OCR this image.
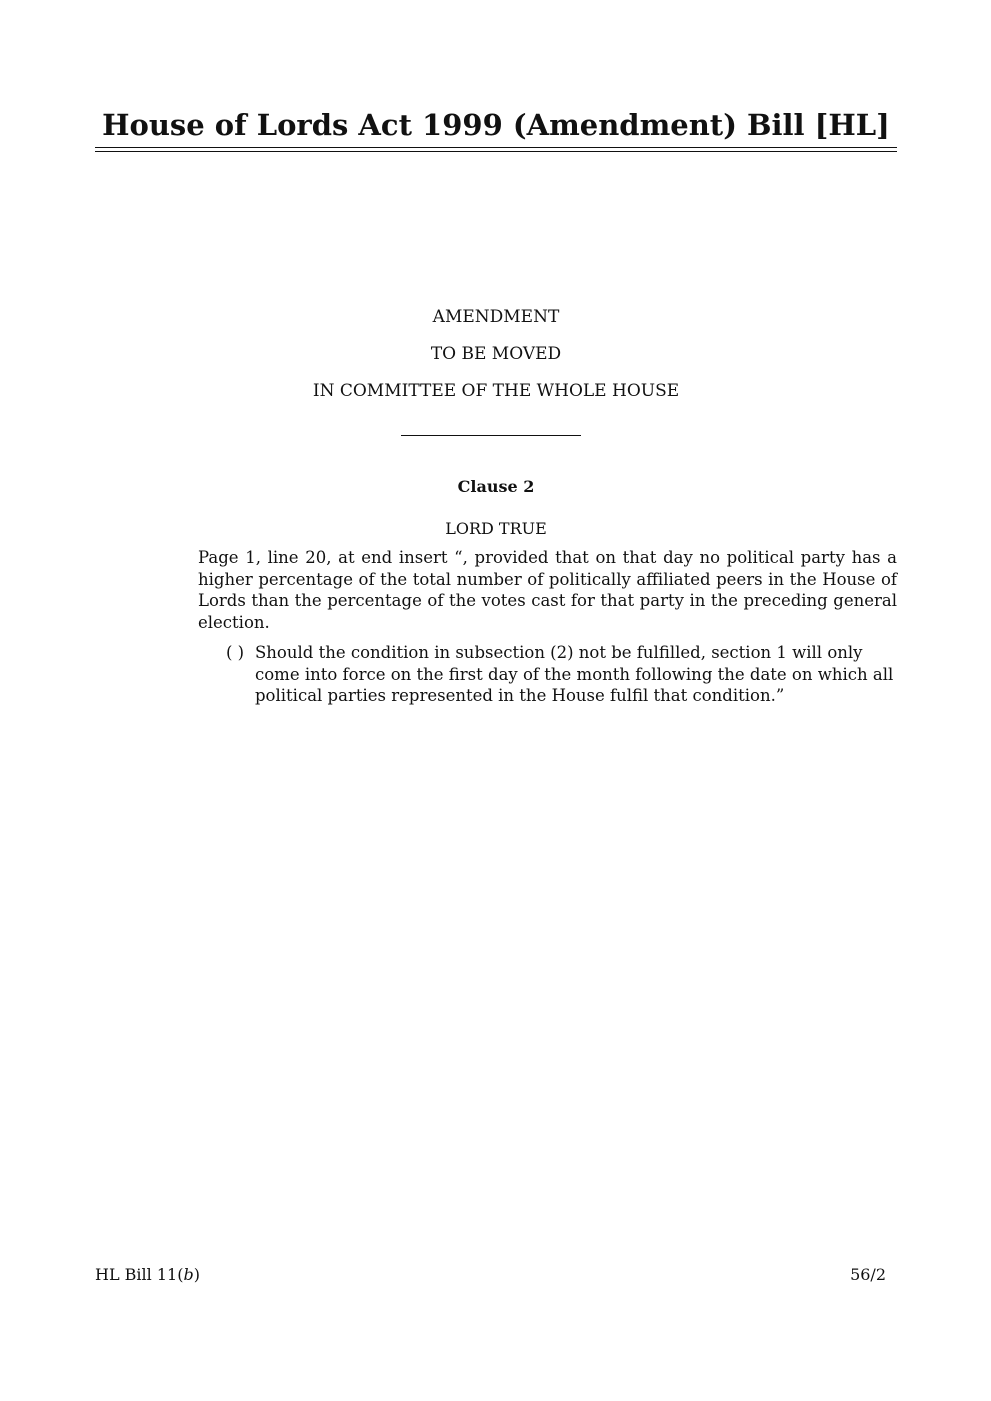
House of Lords Act 1999 (Amendment) Bill [HL]
AMENDMENT
TO BE MOVED
IN COMMITTEE OF THE WHOLE HOUSE
Clause 2
LORD TRUE
Page 1, line 20, at end insert “, provided that on that day no political party has a higher percentage of the total number of politically affiliated peers in the House of Lords than the percentage of the votes cast for that party in the preceding general election.
( ) Should the condition in subsection (2) not be fulfilled, section 1 will only come into force on the first day of the month following the date on which all political parties represented in the House fulfil that condition.”
HL Bill 11(b)	56/2
